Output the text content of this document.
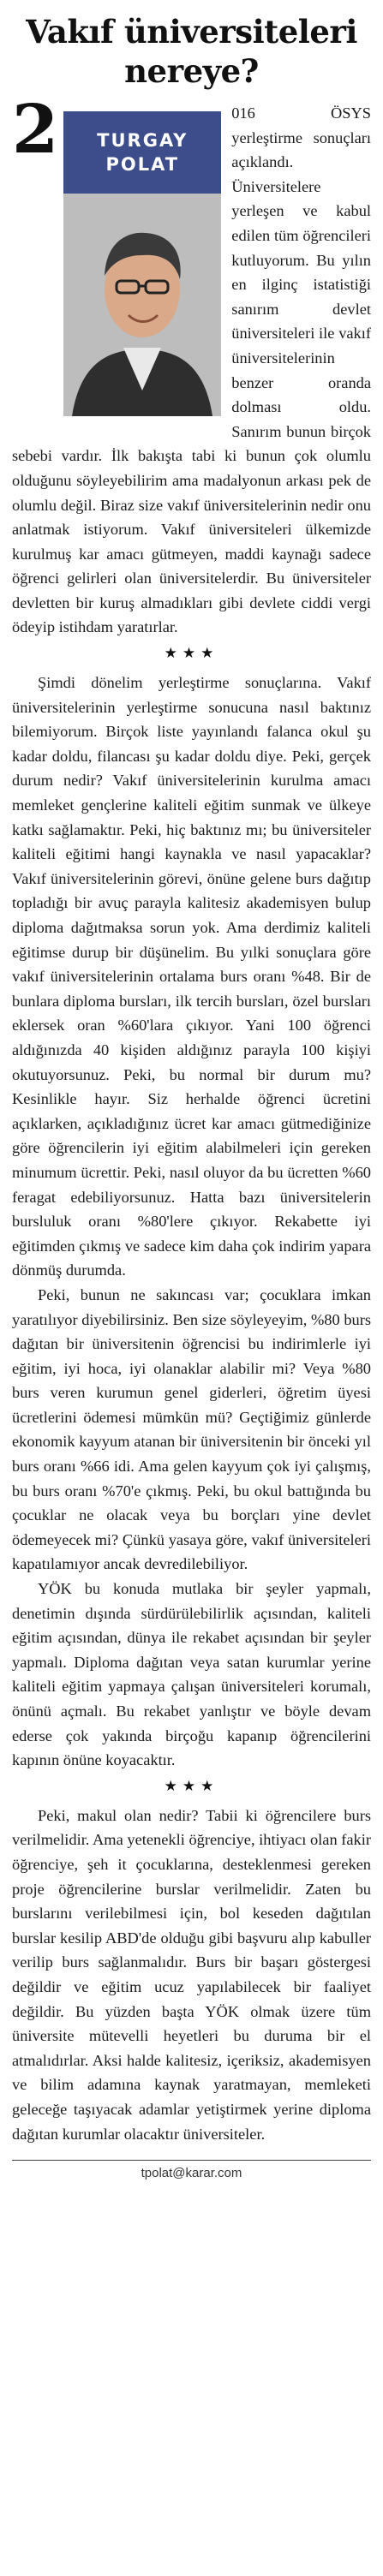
Vakıf üniversiteleri nereye?
2	TURGAY
POLAT
016 ÖSYS yerleştirme sonuçları açıklandı. Üniversitelere yerleşen ve kabul edilen tüm öğrencileri kutluyorum. Bu yılın en ilginç istatistiği sanırım devlet üniversiteleri ile vakıf üniversitelerinin benzer oranda dolması oldu. Sanırım bunun birçok sebebi vardır. İlk bakışta tabi ki bunun çok olumlu olduğunu söyleyebilirim ama madalyonun arkası pek de olumlu değil. Biraz size vakıf üniversitelerinin nedir onu anlatmak istiyorum. Vakıf üniversiteleri ülkemizde kurulmuş kar amacı gütmeyen, maddi kaynağı sadece öğrenci gelirleri olan üniversitelerdir. Bu üniversiteler devletten bir kuruş almadıkları gibi devlete ciddi vergi ödeyip istihdam yaratırlar.

★★★

Şimdi dönelim yerleştirme sonuçlarına. Vakıf üniversitelerinin yerleştirme sonucuna nasıl baktınız bilemiyorum. Birçok liste yayınlandı falanca okul şu kadar doldu, filancası şu kadar doldu diye. Peki, gerçek durum nedir? Vakıf üniversitelerinin kurulma amacı memleket gençlerine kaliteli eğitim sunmak ve ülkeye katkı sağlamaktır. Peki, hiç baktınız mı; bu üniversiteler kaliteli eğitimi hangi kaynakla ve nasıl yapacaklar? Vakıf üniversitelerinin görevi, önüne gelene burs dağıtıp topladığı bir avuç parayla kalitesiz akademisyen bulup diploma dağıtmaksa sorun yok. Ama derdimiz kaliteli eğitimse durup bir düşünelim. Bu yılki sonuçlara göre vakıf üniversitelerinin ortalama burs oranı %48. Bir de bunlara diploma bursları, ilk tercih bursları, özel bursları eklersek oran %60'lara çıkıyor. Yani 100 öğrenci aldığınızda 40 kişiden aldığınız parayla 100 kişiyi okutuyorsunuz. Peki, bu normal bir durum mu? Kesinlikle hayır. Siz herhalde öğrenci ücretini açıklarken, açıkladığınız ücret kar amacı gütmediğinize göre öğrencilerin iyi eğitim alabilmeleri için gereken minumum ücrettir. Peki, nasıl oluyor da bu ücretten %60 feragat edebiliyorsunuz. Hatta bazı üniversitelerin bursluluk oranı %80'lere çıkıyor. Rekabette iyi eğitimden çıkmış ve sadece kim daha çok indirim yapara dönmüş durumda.

Peki, bunun ne sakıncası var; çocuklara imkan yaratılıyor diyebilirsiniz. Ben size söyleyeyim, %80 burs dağıtan bir üniversitenin öğrencisi bu indirimlerle iyi eğitim, iyi hoca, iyi olanaklar alabilir mi? Veya %80 burs veren kurumun genel giderleri, öğretim üyesi ücretlerini ödemesi mümkün mü? Geçtiğimiz günlerde ekonomik kayyum atanan bir üniversitenin bir önceki yıl burs oranı %66 idi. Ama gelen kayyum çok iyi çalışmış, bu burs oranı %70'e çıkmış. Peki, bu okul battığında bu çocuklar ne olacak veya bu borçları yine devlet ödemeyecek mi? Çünkü yasaya göre, vakıf üniversiteleri kapatılamıyor ancak devredilebiliyor.

YÖK bu konuda mutlaka bir şeyler yapmalı, denetimin dışında sürdürülebilirlik açısından, kaliteli eğitim açısından, dünya ile rekabet açısından bir şeyler yapmalı. Diploma dağıtan veya satan kurumlar yerine kaliteli eğitim yapmaya çalışan üniversiteleri korumalı, önünü açmalı. Bu rekabet yanlıştır ve böyle devam ederse çok yakında birçoğu kapanıp öğrencilerini kapının önüne koyacaktır.

★★★

Peki, makul olan nedir? Tabii ki öğrencilere burs verilmelidir. Ama yetenekli öğrenciye, ihtiyacı olan fakir öğrenciye, şeh it çocuklarına, desteklenmesi gereken proje öğrencilerine burslar verilmelidir. Zaten bu burslarını verilebilmesi için, bol keseden dağıtılan burslar kesilip ABD'de olduğu gibi başvuru alıp kabuller verilip burs sağlanmalıdır. Burs bir başarı göstergesi değildir ve eğitim ucuz yapılabilecek bir faaliyet değildir. Bu yüzden başta YÖK olmak üzere tüm üniversite mütevelli heyetleri bu duruma bir el atmalıdırlar. Aksi halde kalitesiz, içeriksiz, akademisyen ve bilim adamına kaynak yaratmayan, memleketi geleceğe taşıyacak adamlar yetiştirmek yerine diploma dağıtan kurumlar olacaktır üniversiteler.

tpolat@karar.com
